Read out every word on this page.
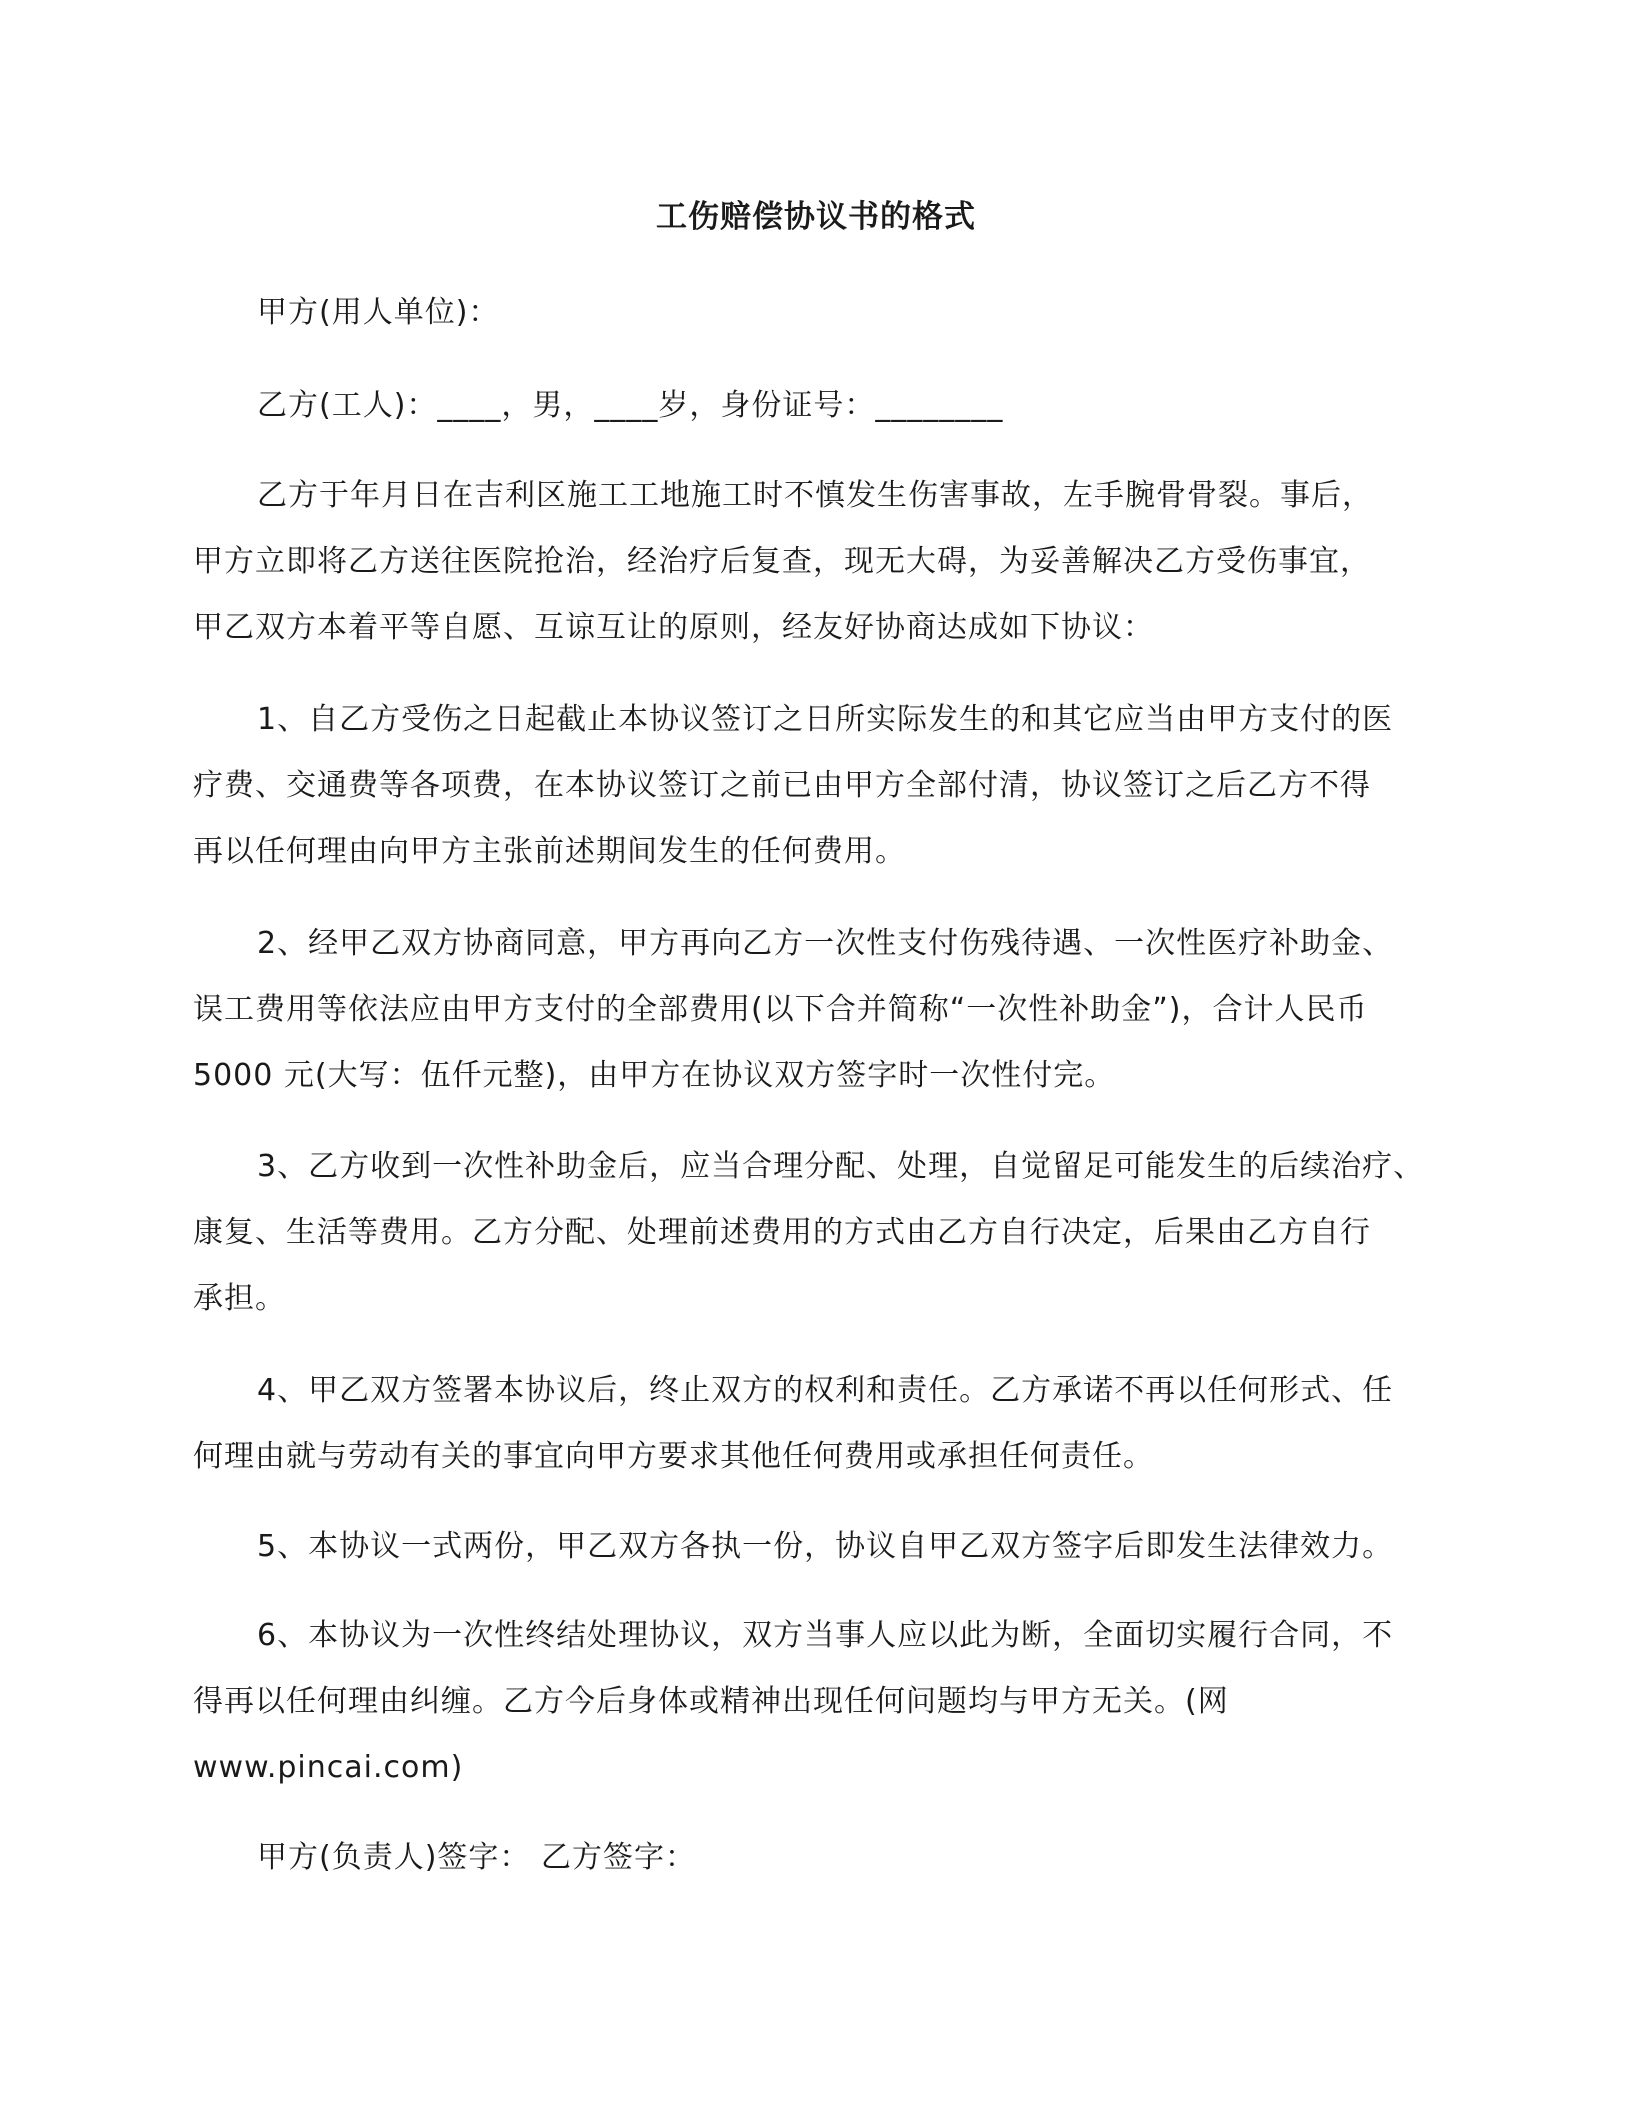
工伤赔偿协议书的格式

甲方(用人单位)：

乙方(工人)：____，男，____岁，身份证号：________

乙方于年月日在吉利区施工工地施工时不慎发生伤害事故，左手腕骨骨裂。事后，
甲方立即将乙方送往医院抢治，经治疗后复查，现无大碍，为妥善解决乙方受伤事宜，
甲乙双方本着平等自愿、互谅互让的原则，经友好协商达成如下协议：
1、自乙方受伤之日起截止本协议签订之日所实际发生的和其它应当由甲方支付的医
疗费、交通费等各项费，在本协议签订之前已由甲方全部付清，协议签订之后乙方不得
再以任何理由向甲方主张前述期间发生的任何费用。
2、经甲乙双方协商同意，甲方再向乙方一次性支付伤残待遇、一次性医疗补助金、
误工费用等依法应由甲方支付的全部费用(以下合并简称“一次性补助金”)，合计人民币
5000 元(大写：伍仟元整)，由甲方在协议双方签字时一次性付完。
3、乙方收到一次性补助金后，应当合理分配、处理，自觉留足可能发生的后续治疗、
康复、生活等费用。乙方分配、处理前述费用的方式由乙方自行决定，后果由乙方自行
承担。
4、甲乙双方签署本协议后，终止双方的权利和责任。乙方承诺不再以任何形式、任
何理由就与劳动有关的事宜向甲方要求其他任何费用或承担任何责任。
5、本协议一式两份，甲乙双方各执一份，协议自甲乙双方签字后即发生法律效力。
6、本协议为一次性终结处理协议，双方当事人应以此为断，全面切实履行合同，不
得再以任何理由纠缠。乙方今后身体或精神出现任何问题均与甲方无关。(网
www.pincai.com)

甲方(负责人)签字： 乙方签字：
